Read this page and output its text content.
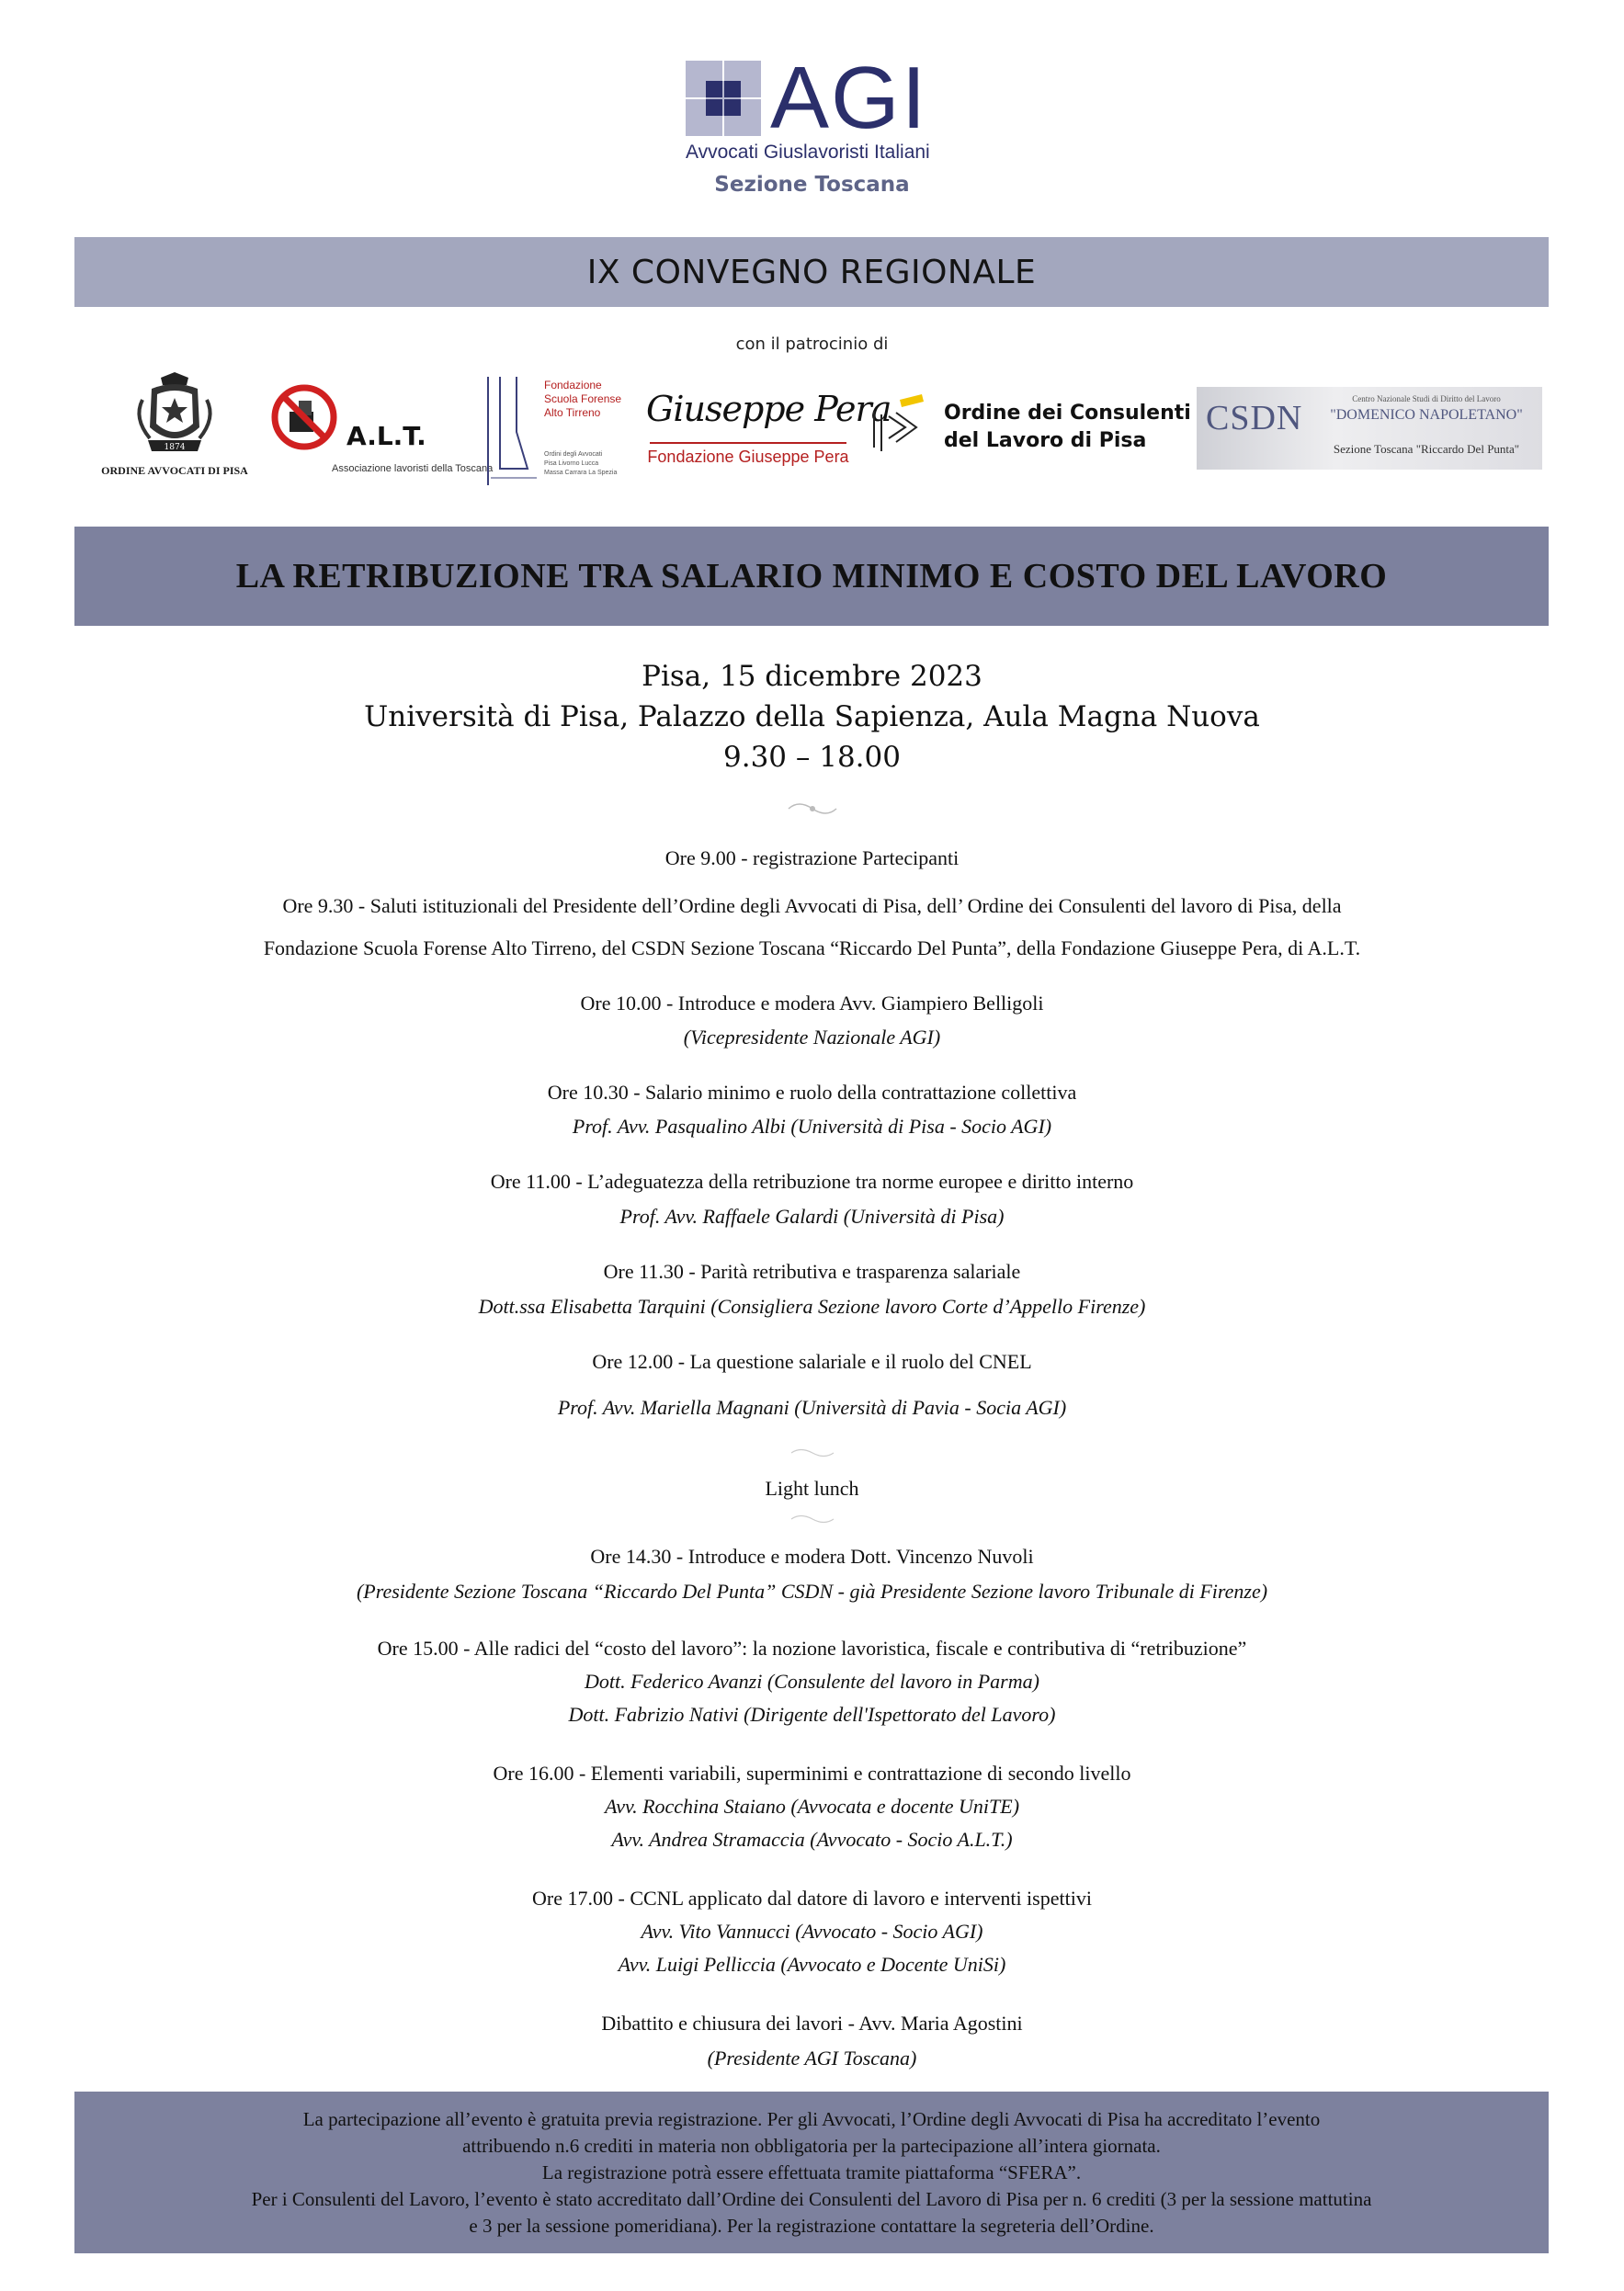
AGI
Avvocati Giuslavoristi Italiani
Sezione Toscana
IX CONVEGNO REGIONALE
con il patrocinio di
1874
ORDINE AVVOCATI DI PISA
A.L.T.
Associazione lavoristi della Toscana
Fondazione
Scuola Forense
Alto Tirreno
Ordini degli Avvocati
Pisa Livorno Lucca
Massa Carrara La Spezia
Giuseppe Pera
Fondazione Giuseppe Pera
Ordine dei Consulenti
del Lavoro di Pisa
CSDN	Centro Nazionale Studi di Diritto del Lavoro
"DOMENICO NAPOLETANO"
Sezione Toscana "Riccardo Del Punta"
LA RETRIBUZIONE TRA SALARIO MINIMO E COSTO DEL LAVORO
Pisa, 15 dicembre 2023
Università di Pisa, Palazzo della Sapienza, Aula Magna Nuova
9.30 – 18.00
Ore 9.00 - registrazione Partecipanti
Ore 9.30 - Saluti istituzionali del Presidente dell’Ordine degli Avvocati di Pisa, dell’ Ordine dei Consulenti del lavoro di Pisa, della
Fondazione Scuola Forense Alto Tirreno, del CSDN Sezione Toscana “Riccardo Del Punta”, della Fondazione Giuseppe Pera, di A.L.T.
Ore 10.00 - Introduce e modera Avv. Giampiero Belligoli
(Vicepresidente Nazionale AGI)
Ore 10.30 - Salario minimo e ruolo della contrattazione collettiva
Prof. Avv. Pasqualino Albi (Università di Pisa - Socio AGI)
Ore 11.00 - L’adeguatezza della retribuzione tra norme europee e diritto interno
Prof. Avv. Raffaele Galardi (Università di Pisa)
Ore 11.30 - Parità retributiva e trasparenza salariale
Dott.ssa Elisabetta Tarquini (Consigliera Sezione lavoro Corte d’Appello Firenze)
Ore 12.00 - La questione salariale e il ruolo del CNEL
Prof. Avv. Mariella Magnani (Università di Pavia - Socia AGI)
Light lunch
Ore 14.30 - Introduce e modera Dott. Vincenzo Nuvoli
(Presidente Sezione Toscana “Riccardo Del Punta” CSDN - già Presidente Sezione lavoro Tribunale di Firenze)
Ore 15.00 - Alle radici del “costo del lavoro”: la nozione lavoristica, fiscale e contributiva di “retribuzione”
Dott. Federico Avanzi (Consulente del lavoro in Parma)
Dott. Fabrizio Nativi (Dirigente dell'Ispettorato del Lavoro)
Ore 16.00 - Elementi variabili, superminimi e contrattazione di secondo livello
Avv. Rocchina Staiano (Avvocata e docente UniTE)
Avv. Andrea Stramaccia (Avvocato - Socio A.L.T.)
Ore 17.00 - CCNL applicato dal datore di lavoro e interventi ispettivi
Avv. Vito Vannucci (Avvocato - Socio AGI)
Avv. Luigi Pelliccia (Avvocato e Docente UniSi)
Dibattito e chiusura dei lavori - Avv. Maria Agostini
(Presidente AGI Toscana)
La partecipazione all’evento è gratuita previa registrazione. Per gli Avvocati, l’Ordine degli Avvocati di Pisa ha accreditato l’evento
attribuendo n.6 crediti in materia non obbligatoria per la partecipazione all’intera giornata.
La registrazione potrà essere effettuata tramite piattaforma “SFERA”.
Per i Consulenti del Lavoro, l’evento è stato accreditato dall’Ordine dei Consulenti del Lavoro di Pisa per n. 6 crediti (3 per la sessione mattutina
e 3 per la sessione pomeridiana). Per la registrazione contattare la segreteria dell’Ordine.
